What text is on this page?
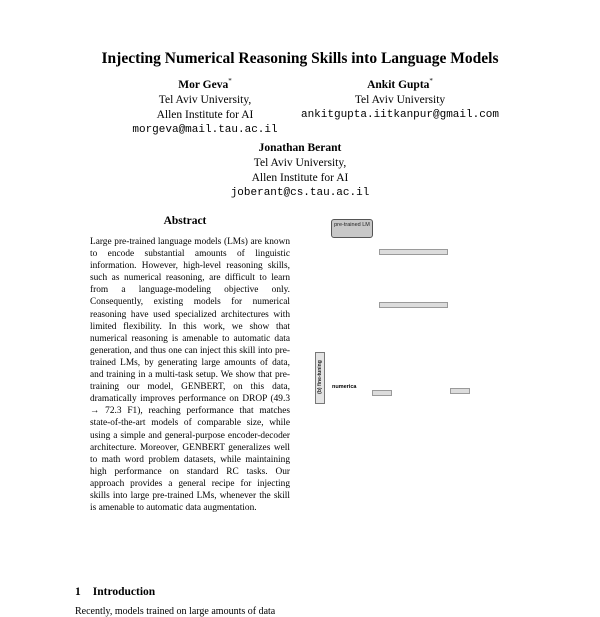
Injecting Numerical Reasoning Skills into Language Models
Mor Geva*
Tel Aviv University,
Allen Institute for AI
morgeva@mail.tau.ac.il
Ankit Gupta*
Tel Aviv University
ankitgupta.iitkanpur@gmail.com
Jonathan Berant
Tel Aviv University,
Allen Institute for AI
joberant@cs.tau.ac.il
Abstract
Large pre-trained language models (LMs) are known to encode substantial amounts of linguistic information. However, high-level reasoning skills, such as numerical reasoning, are difficult to learn from a language-modeling objective only. Consequently, existing models for numerical reasoning have used specialized architectures with limited flexibility. In this work, we show that numerical reasoning is amenable to automatic data generation, and thus one can inject this skill into pre-trained LMs, by generating large amounts of data, and training in a multi-task setup. We show that pre-training our model, GENBERT, on this data, dramatically improves performance on DROP (49.3 → 72.3 F1), reaching performance that matches state-of-the-art models of comparable size, while using a simple and general-purpose encoder-decoder architecture. Moreover, GENBERT generalizes well to math word problem datasets, while maintaining high performance on standard RC tasks. Our approach provides a general recipe for injecting skills into large pre-trained LMs, whenever the skill is amenable to automatic data augmentation.
1 Introduction
Recently, models trained on large amounts of data
pre-trained LM
(b) fine-tuning numerica
